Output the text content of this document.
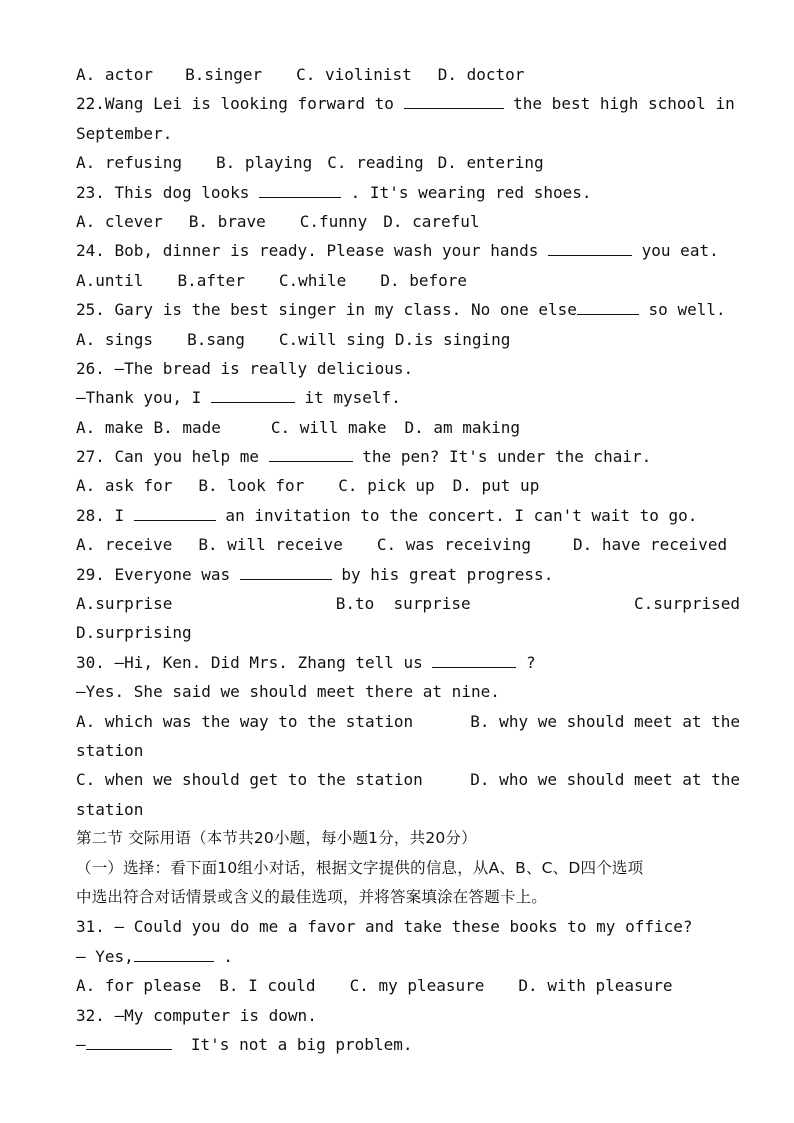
A. actor B.singer C. violinist D. doctor
22.Wang Lei is looking forward to	the best high school in
September.
A. refusing B. playing C. reading D. entering
23. This dog looks	. It's wearing red shoes.
A. clever B. brave C.funny D. careful
24. Bob, dinner is ready. Please wash your hands	you eat.
A.until B.after C.while D. before
25. Gary is the best singer in my class. No one else	so well.
A. sings B.sang C.will sing D.is singing
26. —The bread is really delicious.
—Thank you, I	it myself.
A. make B. made	C. will make D. am making
27. Can you help me	the pen? It's under the chair.
A. ask for B. look for C. pick up D. put up
28. I	an invitation to the concert. I can't wait to go.
A. receive B. will receive C. was receiving	D. have received
29. Everyone was	by his great progress.
A.surprise	B.to  surprise	C.surprised
D.surprising
30. —Hi, Ken. Did Mrs. Zhang tell us	?
—Yes. She said we should meet there at nine.
A. which was the way to the station	B. why we should meet at the
station
C. when we should get to the station	D. who we should meet at the
station
第二节 交际用语（本节共20小题，每小题1分，共20分）
（一）选择：看下面10组小对话，根据文字提供的信息，从A、B、C、D四个选项
中选出符合对话情景或含义的最佳选项，并将答案填涂在答题卡上。
31. — Could you do me a favor and take these books to my office?
— Yes,	.
A. for please B. I could C. my pleasure D. with pleasure
32. —My computer is down.
—	It's not a big problem.
